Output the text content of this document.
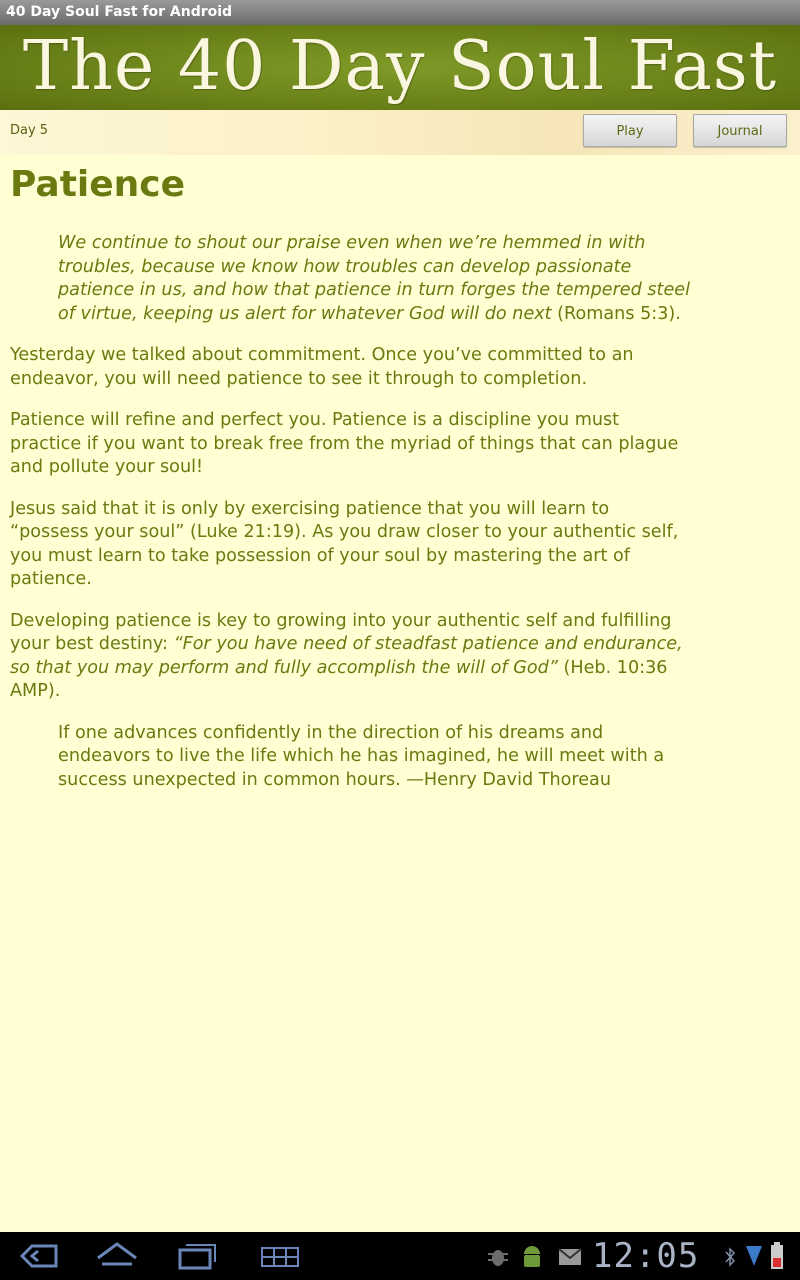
40 Day Soul Fast for Android
The 40 Day Soul Fast
Day 5	Play	Journal
Patience

We continue to shout our praise even when we’re hemmed in with troubles, because we know how troubles can develop passionate patience in us, and how that patience in turn forges the tempered steel of virtue, keeping us alert for whatever God will do next (Romans 5:3).

Yesterday we talked about commitment. Once you’ve committed to an endeavor, you will need patience to see it through to completion.

Patience will refine and perfect you. Patience is a discipline you must practice if you want to break free from the myriad of things that can plague and pollute your soul!

Jesus said that it is only by exercising patience that you will learn to “possess your soul” (Luke 21:19). As you draw closer to your authentic self, you must learn to take possession of your soul by mastering the art of patience.

Developing patience is key to growing into your authentic self and fulfilling your best destiny: “For you have need of steadfast patience and endurance, so that you may perform and fully accomplish the will of God” (Heb. 10:36 AMP).

If one advances confidently in the direction of his dreams and endeavors to live the life which he has imagined, he will meet with a success unexpected in common hours. —Henry David Thoreau

12:05
